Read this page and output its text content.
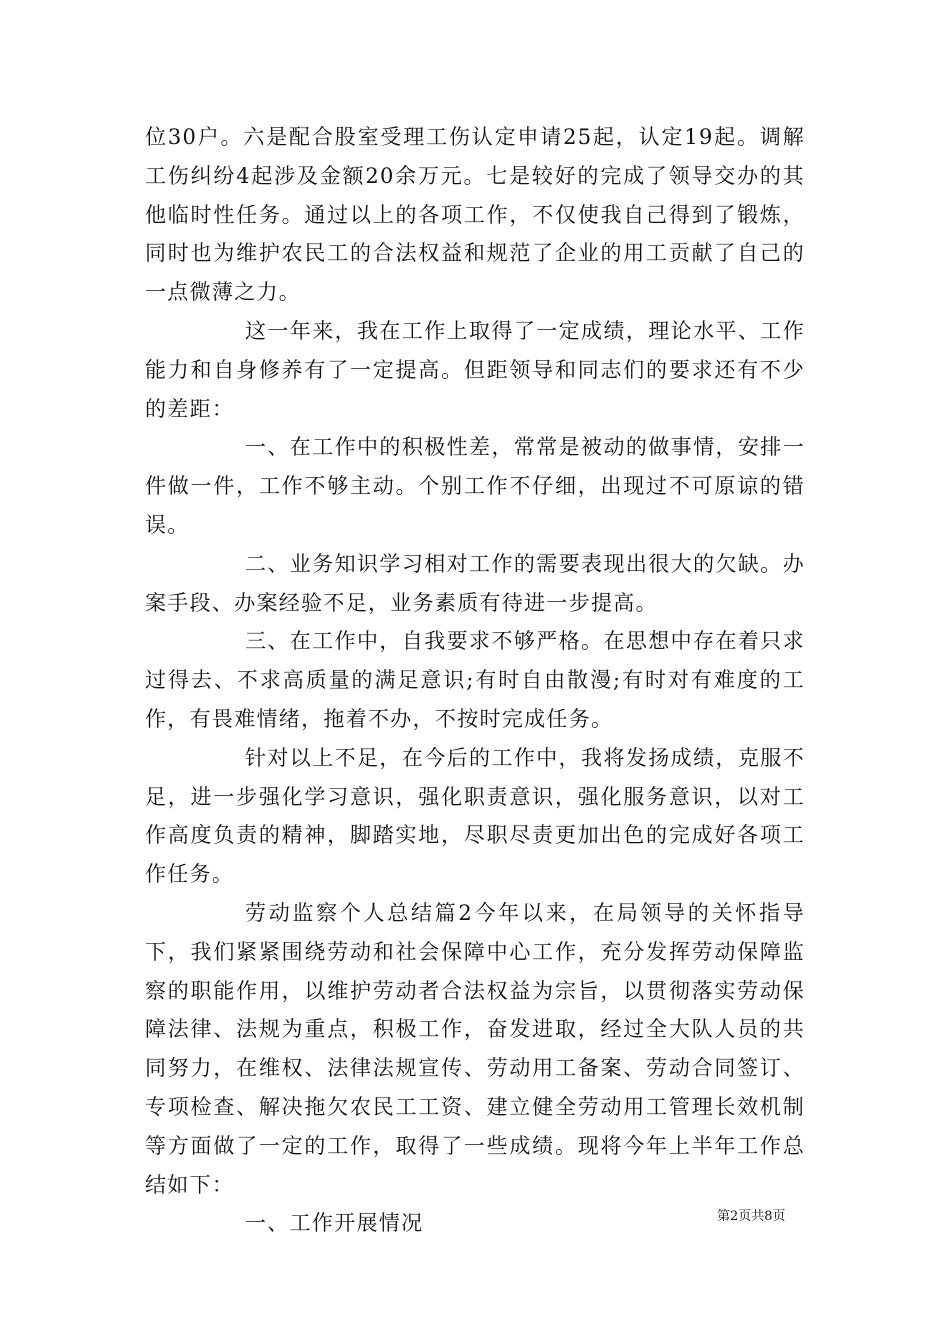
位30户。六是配合股室受理工伤认定申请25起，认定19起。调解工伤纠纷4起涉及金额20余万元。七是较好的完成了领导交办的其他临时性任务。通过以上的各项工作，不仅使我自己得到了锻炼，同时也为维护农民工的合法权益和规范了企业的用工贡献了自己的一点微薄之力。

这一年来，我在工作上取得了一定成绩，理论水平、工作能力和自身修养有了一定提高。但距领导和同志们的要求还有不少的差距：

一、在工作中的积极性差，常常是被动的做事情，安排一件做一件，工作不够主动。个别工作不仔细，出现过不可原谅的错误。

二、业务知识学习相对工作的需要表现出很大的欠缺。办案手段、办案经验不足，业务素质有待进一步提高。

三、在工作中，自我要求不够严格。在思想中存在着只求过得去、不求高质量的满足意识;有时自由散漫;有时对有难度的工作，有畏难情绪，拖着不办，不按时完成任务。

针对以上不足，在今后的工作中，我将发扬成绩，克服不足，进一步强化学习意识，强化职责意识，强化服务意识，以对工作高度负责的精神，脚踏实地，尽职尽责更加出色的完成好各项工作任务。

劳动监察个人总结篇2今年以来，在局领导的关怀指导下，我们紧紧围绕劳动和社会保障中心工作，充分发挥劳动保障监察的职能作用，以维护劳动者合法权益为宗旨，以贯彻落实劳动保障法律、法规为重点，积极工作，奋发进取，经过全大队人员的共同努力，在维权、法律法规宣传、劳动用工备案、劳动合同签订、专项检查、解决拖欠农民工工资、建立健全劳动用工管理长效机制等方面做了一定的工作，取得了一些成绩。现将今年上半年工作总结如下：

一、工作开展情况	第2页共8页
